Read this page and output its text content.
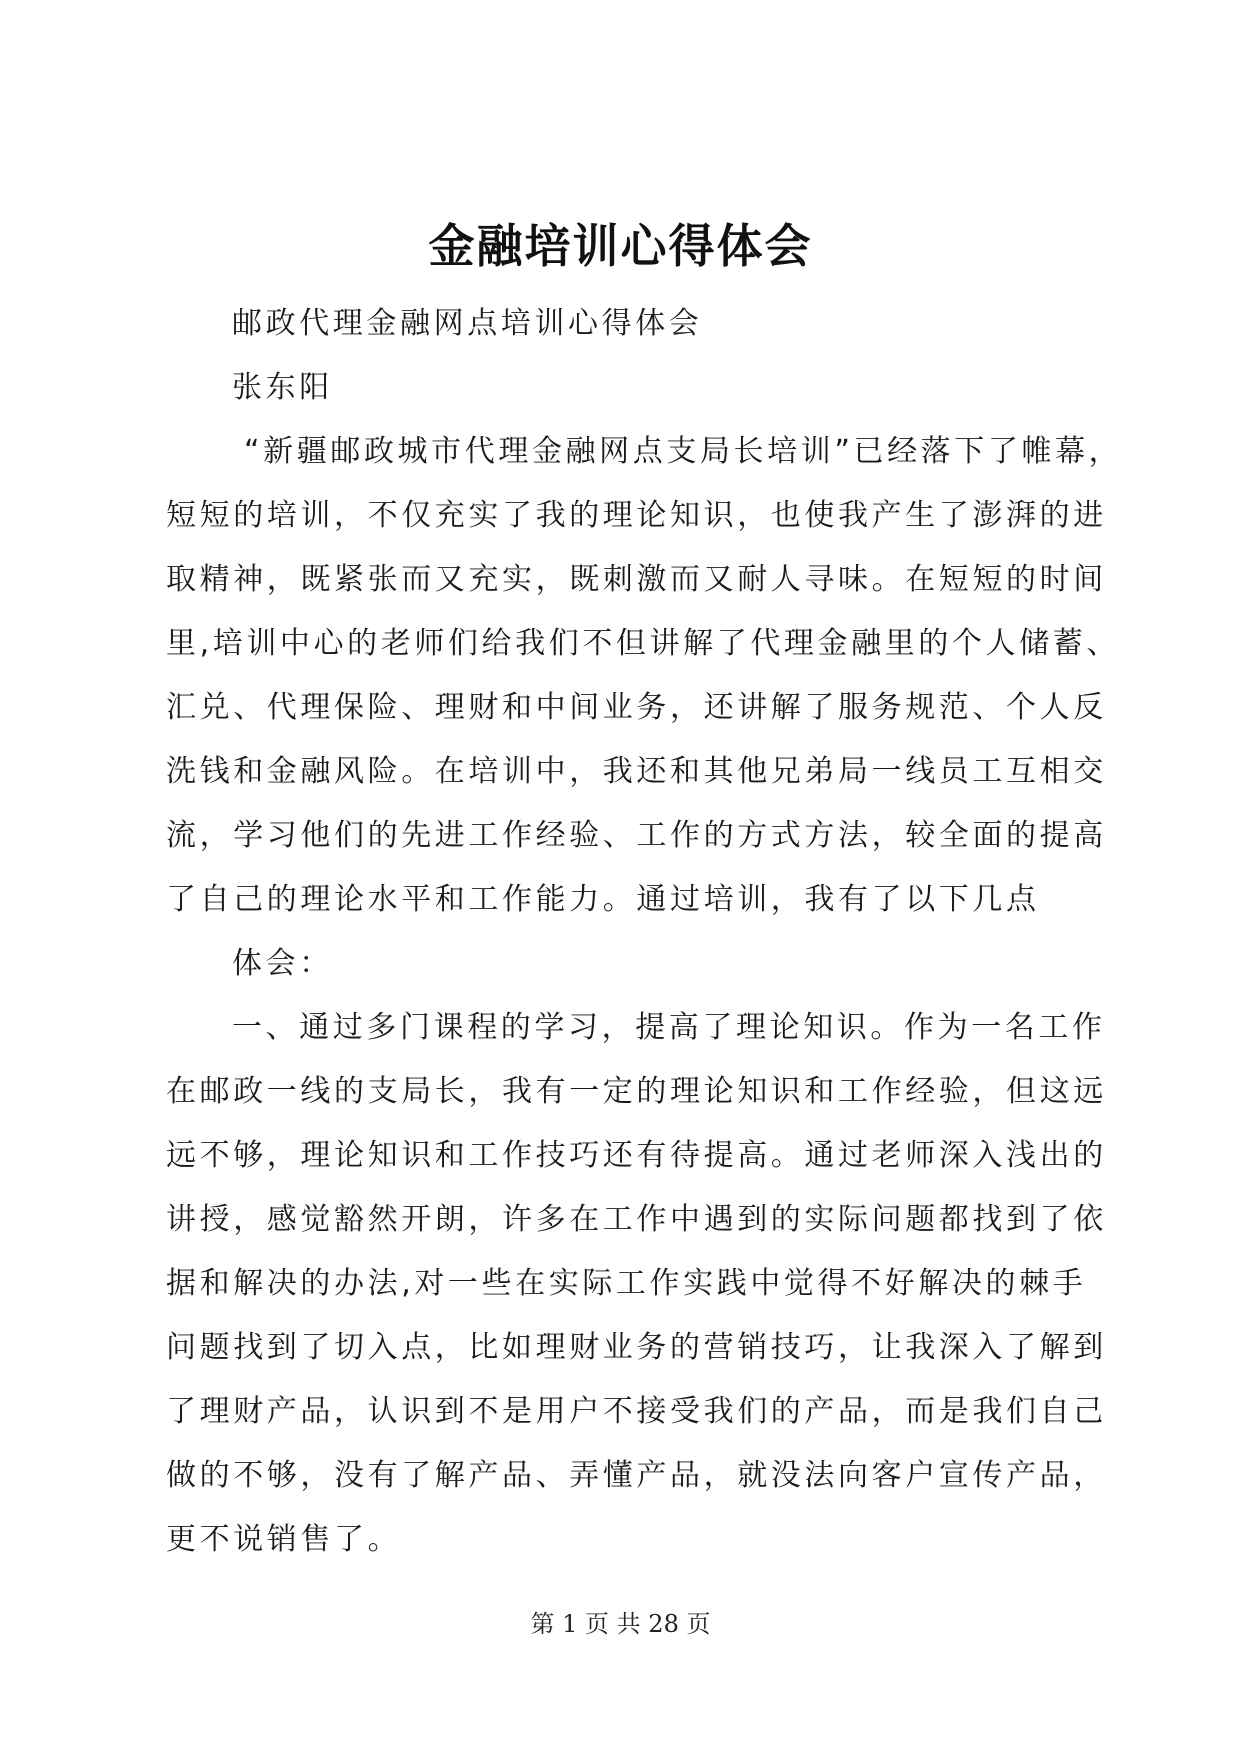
金融培训心得体会
邮政代理金融网点培训心得体会
张东阳
“新疆邮政城市代理金融网点支局长培训”已经落下了帷幕，
短短的培训，不仅充实了我的理论知识，也使我产生了澎湃的进
取精神，既紧张而又充实，既刺激而又耐人寻味。在短短的时间
里,培训中心的老师们给我们不但讲解了代理金融里的个人储蓄、
汇兑、代理保险、理财和中间业务，还讲解了服务规范、个人反
洗钱和金融风险。在培训中，我还和其他兄弟局一线员工互相交
流，学习他们的先进工作经验、工作的方式方法，较全面的提高
了自己的理论水平和工作能力。通过培训，我有了以下几点
体会：
一、通过多门课程的学习，提高了理论知识。作为一名工作
在邮政一线的支局长，我有一定的理论知识和工作经验，但这远
远不够，理论知识和工作技巧还有待提高。通过老师深入浅出的
讲授，感觉豁然开朗，许多在工作中遇到的实际问题都找到了依
据和解决的办法,对一些在实际工作实践中觉得不好解决的棘手
问题找到了切入点，比如理财业务的营销技巧，让我深入了解到
了理财产品，认识到不是用户不接受我们的产品，而是我们自己
做的不够，没有了解产品、弄懂产品，就没法向客户宣传产品，
更不说销售了。
第 1 页 共 28 页
